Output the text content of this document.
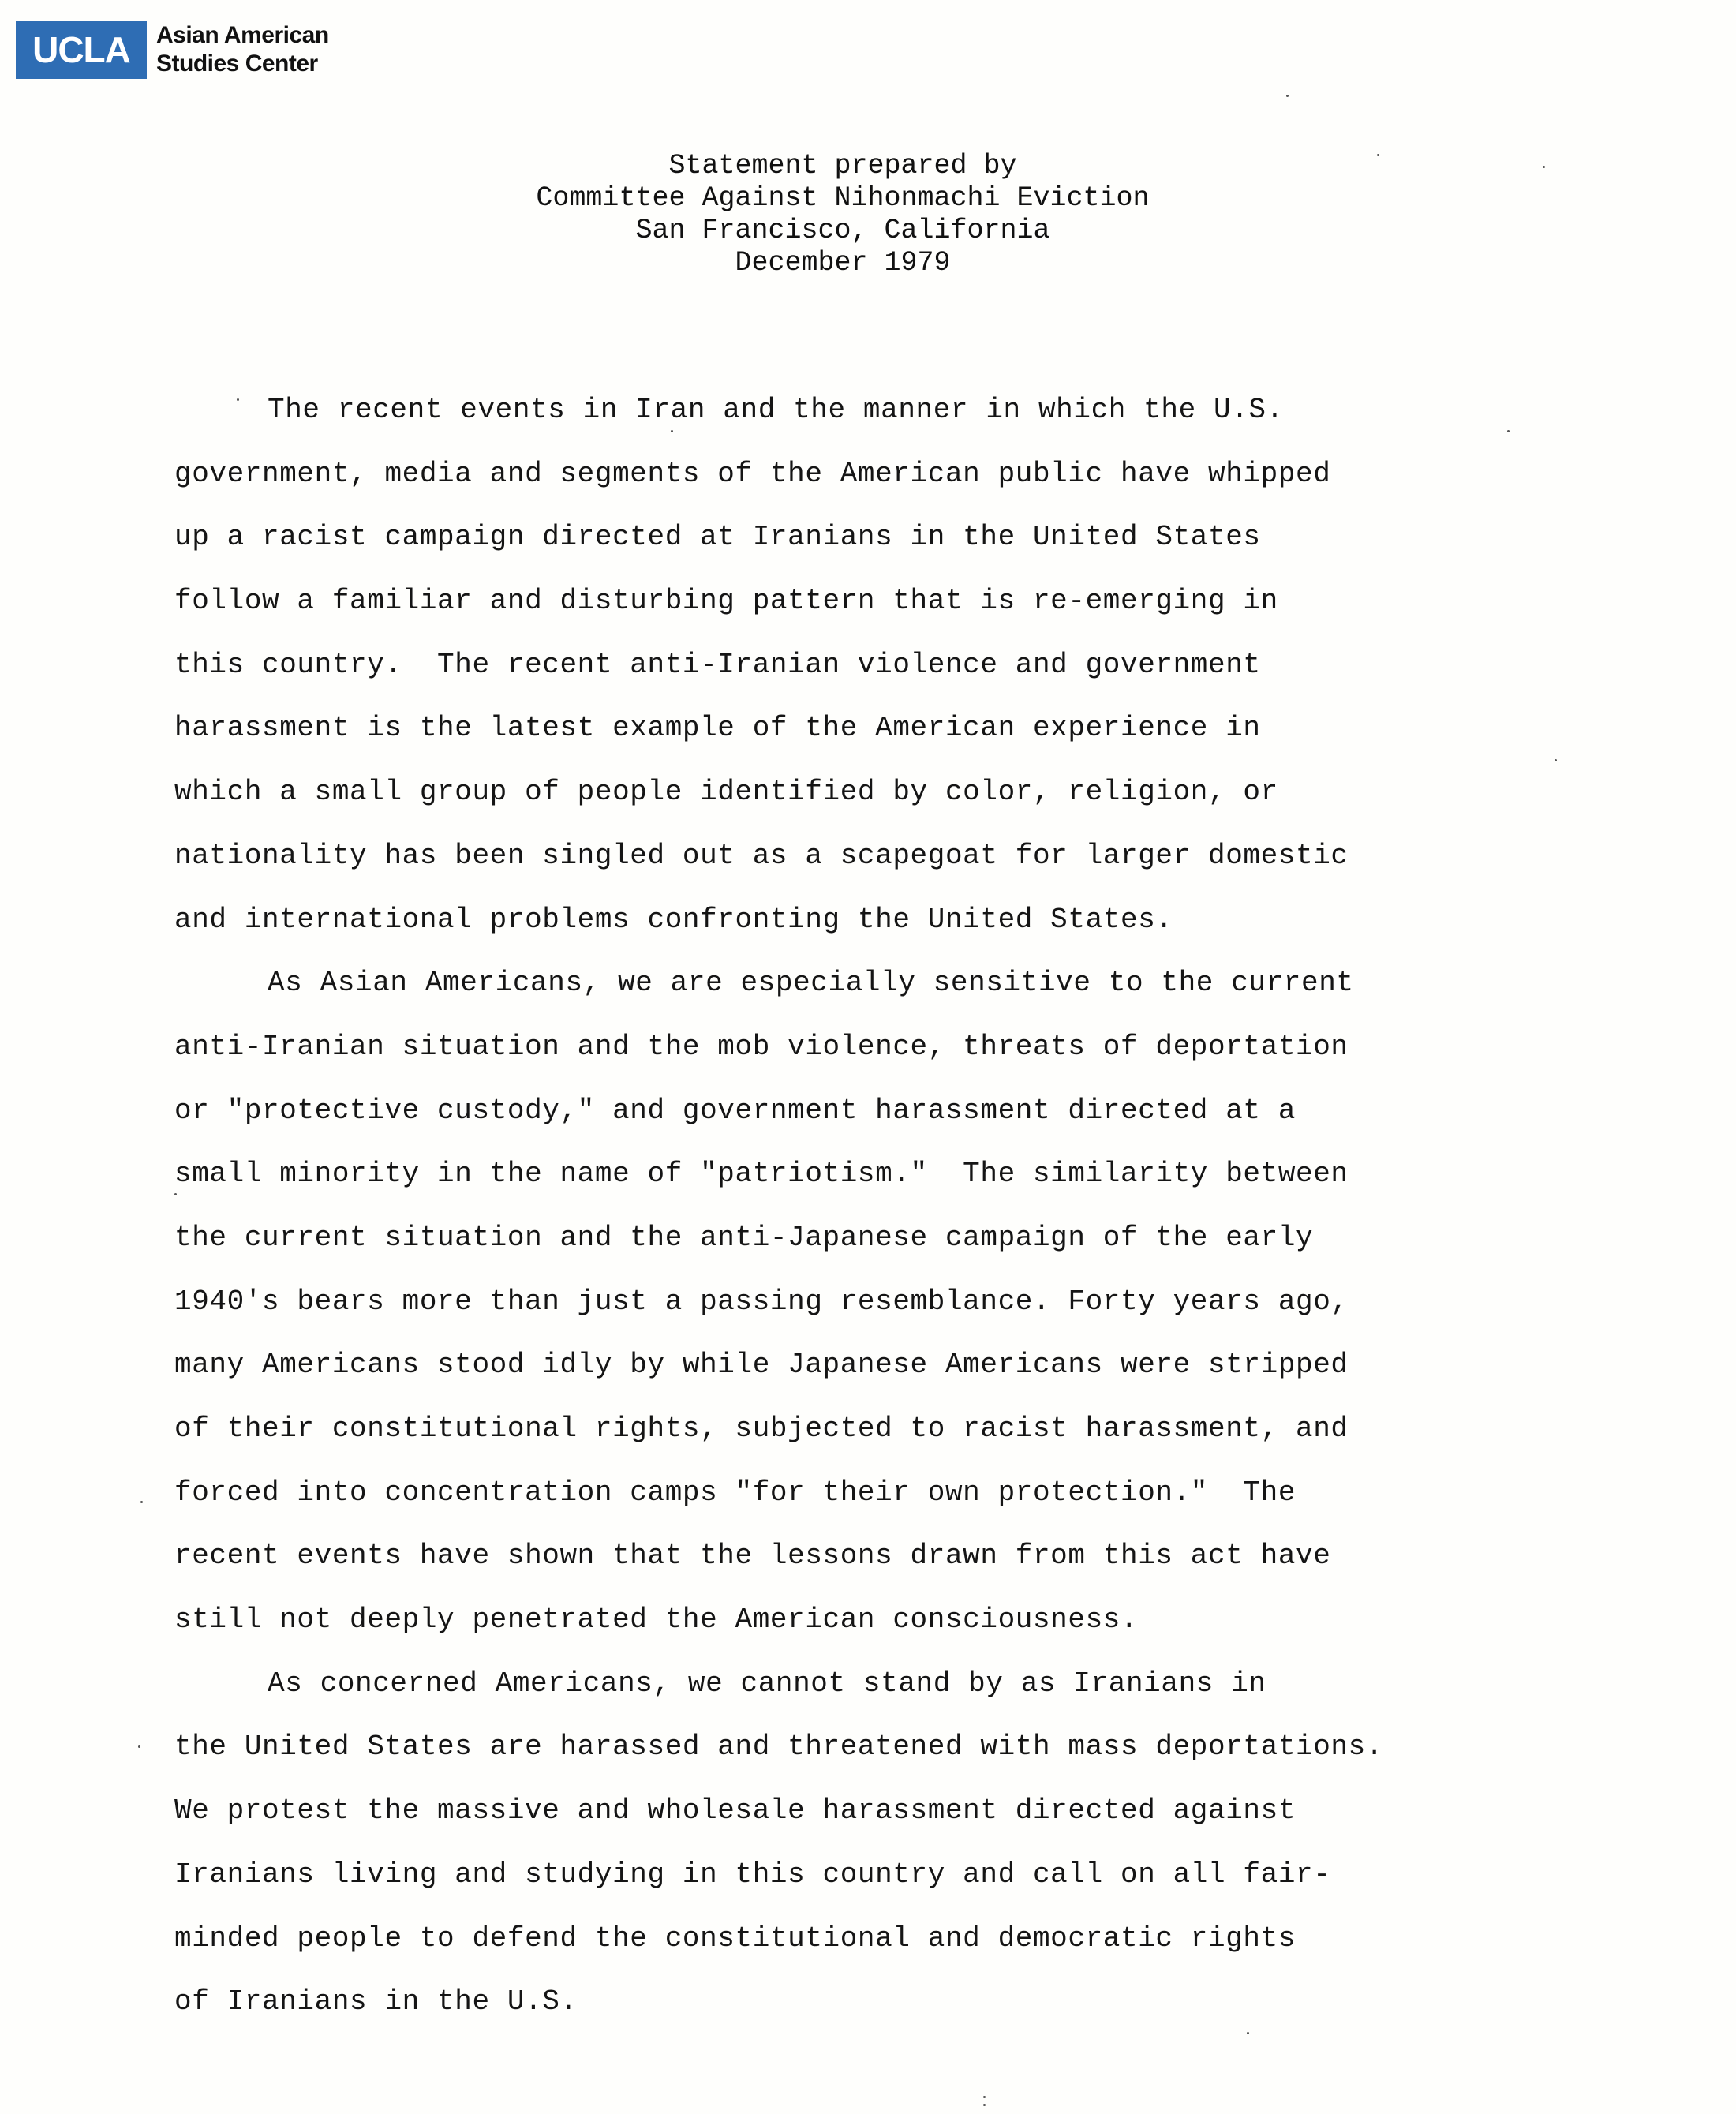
UCLA	Asian American
Studies Center
Statement prepared by
Committee Against Nihonmachi Eviction
San Francisco, California
December 1979
The recent events in Iran and the manner in which the U.S.
government, media and segments of the American public have whipped
up a racist campaign directed at Iranians in the United States
follow a familiar and disturbing pattern that is re-emerging in
this country.  The recent anti-Iranian violence and government
harassment is the latest example of the American experience in
which a small group of people identified by color, religion, or
nationality has been singled out as a scapegoat for larger domestic
and international problems confronting the United States.
As Asian Americans, we are especially sensitive to the current
anti-Iranian situation and the mob violence, threats of deportation
or "protective custody," and government harassment directed at a
small minority in the name of "patriotism."  The similarity between
the current situation and the anti-Japanese campaign of the early
1940's bears more than just a passing resemblance. Forty years ago,
many Americans stood idly by while Japanese Americans were stripped
of their constitutional rights, subjected to racist harassment, and
forced into concentration camps "for their own protection."  The
recent events have shown that the lessons drawn from this act have
still not deeply penetrated the American consciousness.
As concerned Americans, we cannot stand by as Iranians in
the United States are harassed and threatened with mass deportations.
We protest the massive and wholesale harassment directed against
Iranians living and studying in this country and call on all fair-
minded people to defend the constitutional and democratic rights
of Iranians in the U.S.
